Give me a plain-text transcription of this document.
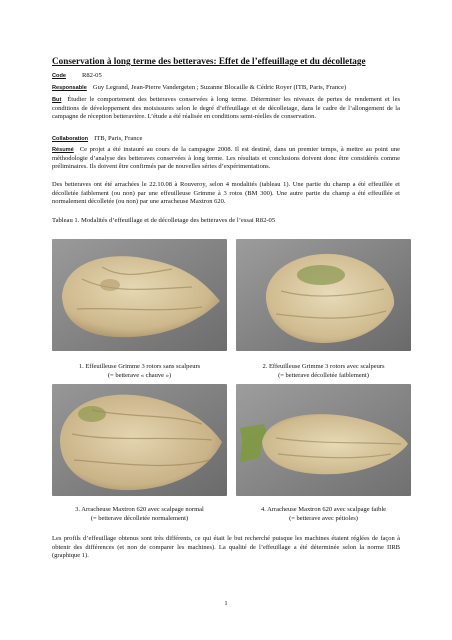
Conservation à long terme des betteraves: Effet de l’effeuillage et du décolletage
Code R82-05
Responsable Guy Legrand, Jean-Pierre Vandergeten ; Suzanne Blocaille & Cédric Royer (ITB, Paris, France)
But Étudier le comportement des betteraves conservées à long terme. Déterminer les niveaux de pertes de rendement et les conditions de développement des moisissures selon le degré d’effeuillage et de décolletage, dans le cadre de l’allongement de la campagne de réception betteravière. L’étude a été réalisée en conditions semi-réelles de conservation.
Collaboration ITB, Paris, France
Résumé Ce projet a été instauré au cours de la campagne 2008. Il est destiné, dans un premier temps, à mettre au point une méthodologie d’analyse des betteraves conservées à long terme. Les résultats et conclusions doivent donc être considérés comme préliminaires. Ils doivent être confirmés par de nouvelles séries d’expérimentations.
Des betteraves ont été arrachées le 22.10.08 à Rouveroy, selon 4 modalités (tableau 1). Une partie du champ a été effeuillée et décolletée faiblement (ou non) par une effeuilleuse Grimme à 3 rotos (BM 300). Une autre partie du champ a été effeuillée et normalement décolletée (ou non) par une arracheuse Maxtron 620.
Tableau 1. Modalités d’effeuillage et de décolletage des betteraves de l’essai R82-05
1. Effeuilleuse Grimme 3 rotors sans scalpeurs
(= betterave « chauve »)
2. Effeuilleuse Grimme 3 rotors avec scalpeurs
(= betterave décolletée faiblement)
3. Arracheuse Maxtron 620 avec scalpage normal
(= betterave décolletée normalement)
4. Arracheuse Maxtron 620 avec scalpage faible
(= betterave avec pétioles)
Les profils d’effeuillage obtenus sont très différents, ce qui était le but recherché puisque les machines étaient réglées de façon à obtenir des différences (et non de comparer les machines). La qualité de l’effeuillage a été déterminée selon la norme IIRB (graphique 1).
1
